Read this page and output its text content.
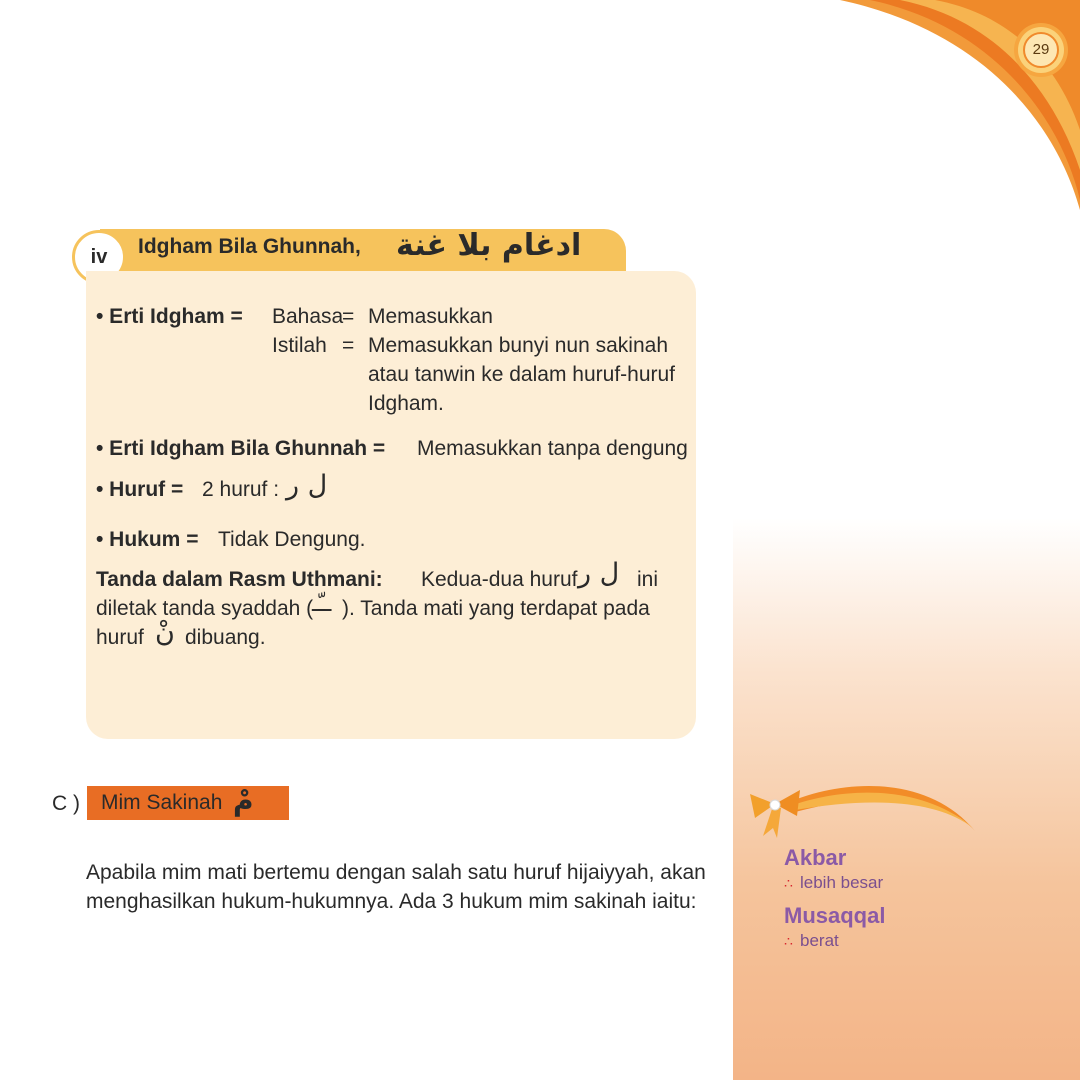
29
iv	Idgham Bila Ghunnah, ادغام بلا غنة
• Erti Idgham = Bahasa
= Memasukkan
Istilah = Memasukkan bunyi nun sakinah
atau tanwin ke dalam huruf-huruf
Idgham.
• Erti Idgham Bila Ghunnah = Memasukkan tanpa dengung
• Huruf = 2 huruf : ل ر
• Hukum = Tidak Dengung.
Tanda dalam Rasm Uthmani: Kedua-dua huruf ل ر ini
diletak tanda syaddah (
ــّـ ). Tanda mati yang terdapat pada
huruf نْ dibuang.
C ) Mim Sakinah مْ
Apabila mim mati bertemu dengan salah satu huruf hijaiyyah, akan
menghasilkan hukum-hukumnya. Ada 3 hukum mim sakinah iaitu:
Akbar
∴ lebih besar
Musaqqal
∴ berat
